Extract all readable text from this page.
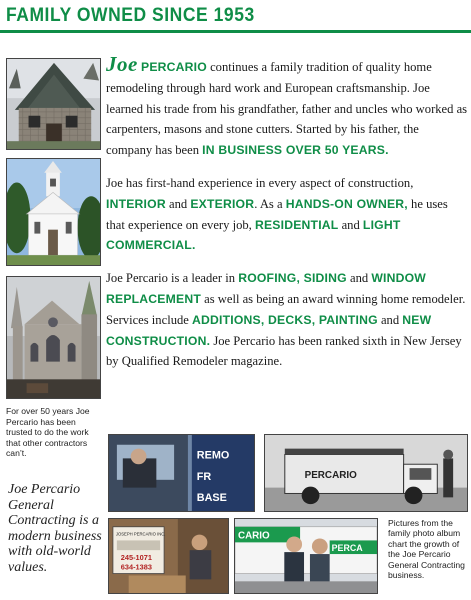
FAMILY OWNED SINCE 1953
For over 50 years Joe Percario has been trusted to do the work that other contractors can’t.
Joe Percario General Contracting is a modern business with old-world values.

Joe PERCARIO continues a family tradition of quality home remodeling through hard work and European craftsmanship. Joe learned his trade from his grandfather, father and uncles who worked as carpenters, masons and stone cutters. Started by his father, the company has been IN BUSINESS OVER 50 YEARS.

Joe has first-hand experience in every aspect of construction, INTERIOR and EXTERIOR. As a HANDS-ON OWNER, he uses that experience on every job, RESIDENTIAL and LIGHT COMMERCIAL.

Joe Percario is a leader in ROOFING, SIDING and WINDOW REPLACEMENT as well as being an award winning home remodeler. Services include ADDITIONS, DECKS, PAINTING and NEW CONSTRUCTION. Joe Percario has been ranked sixth in New Jersey by Qualified Remodeler magazine.

REMO
FR
BASE
PERCARIO
JOSEPH PERCARIO INC.
245-1071
634-1383
CARIO
PERCA
Pictures from the family photo album chart the growth of the Joe Percario General Contracting business.
